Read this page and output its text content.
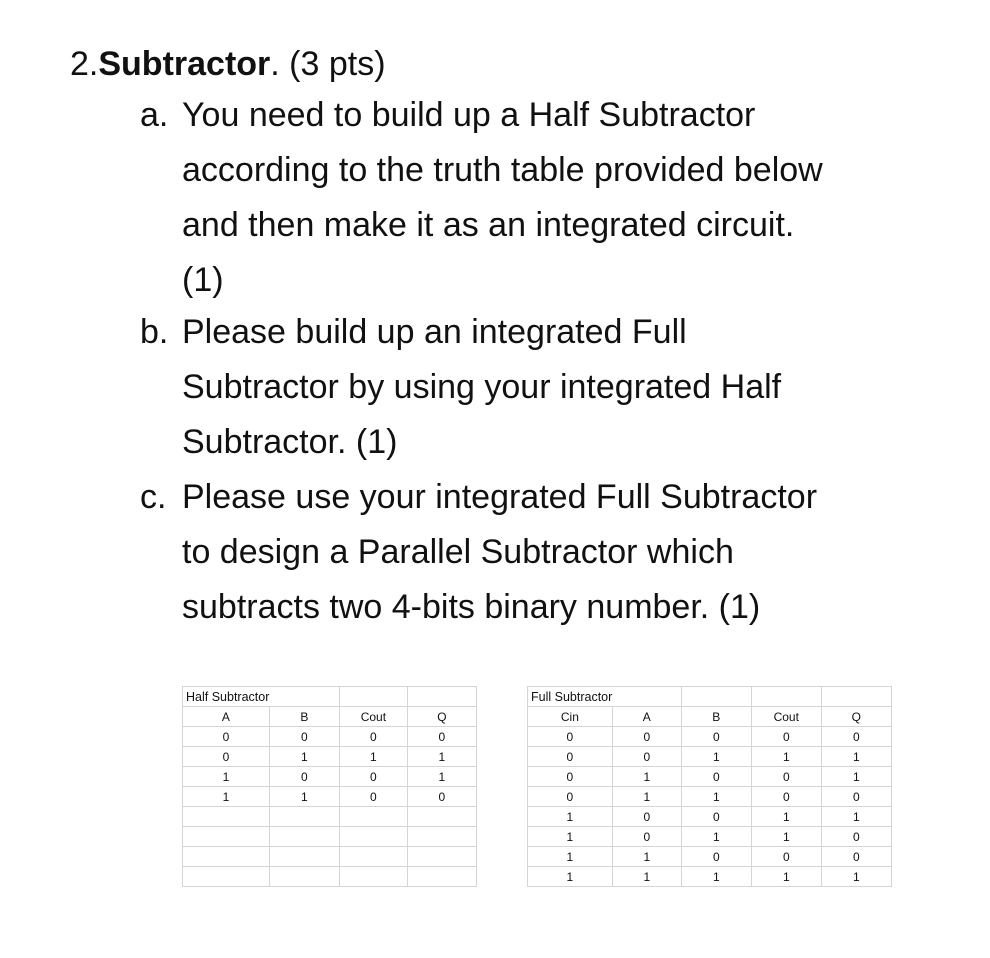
2.Subtractor. (3 pts)
a. You need to build up a Half Subtractor
according to the truth table provided below
and then make it as an integrated circuit.
(1)
b. Please build up an integrated Full
Subtractor by using your integrated Half
Subtractor. (1)
c. Please use your integrated Full Subtractor
to design a Parallel Subtractor which
subtracts two 4-bits binary number. (1)
Half Subtractor			
A	B	Cout	Q
0	0	0	0
0	1	1	1
1	0	0	1
1	1	0	0

Full Subtractor				
Cin	A	B	Cout	Q
0	0	0	0	0
0	0	1	1	1
0	1	0	0	1
0	1	1	0	0
1	0	0	1	1
1	0	1	1	0
1	1	0	0	0
1	1	1	1	1
